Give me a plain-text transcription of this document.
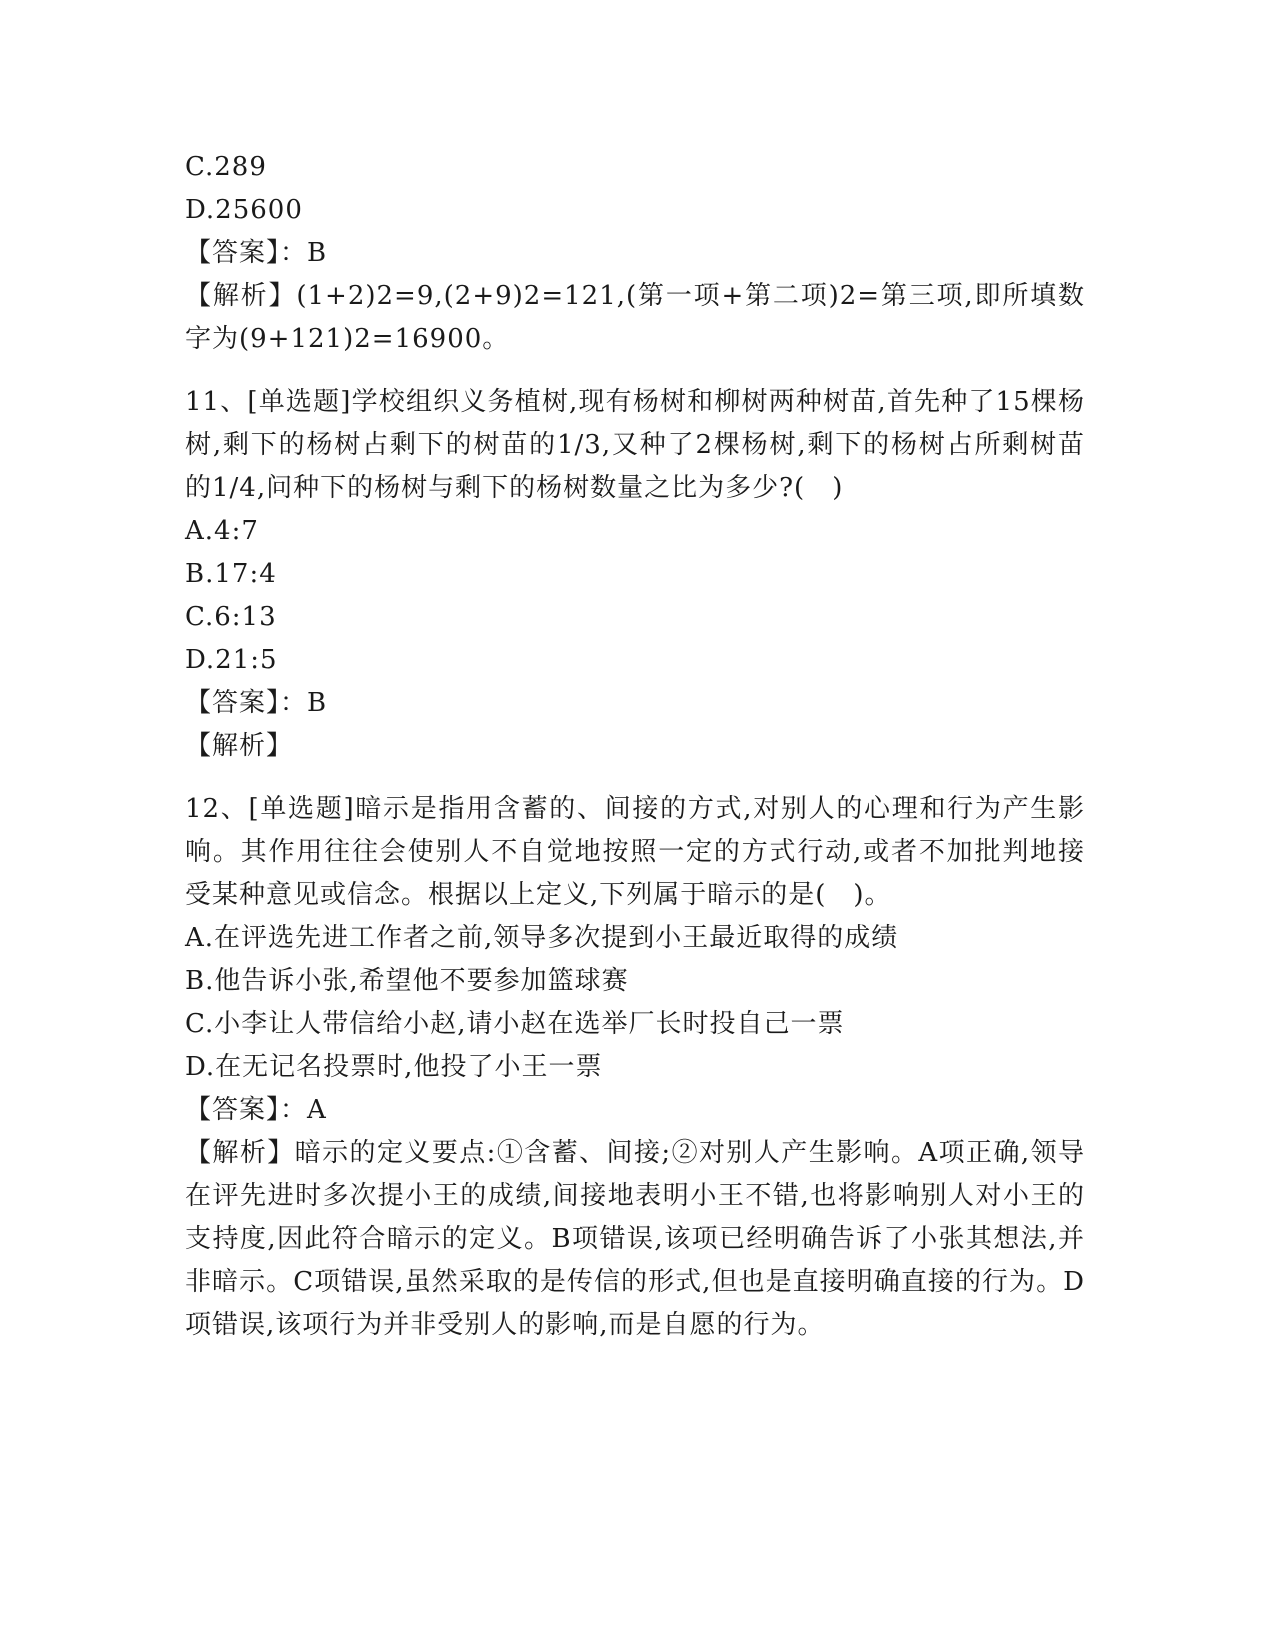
C.289
D.25600
【答案】：B
【解析】(1+2)2=9,(2+9)2=121,(第一项+第二项)2=第三项,即所填数字为(9+121)2=16900。
11、[单选题]学校组织义务植树,现有杨树和柳树两种树苗,首先种了15棵杨树,剩下的杨树占剩下的树苗的1/3,又种了2棵杨树,剩下的杨树占所剩树苗的1/4,问种下的杨树与剩下的杨树数量之比为多少?(　)
A.4:7
B.17:4
C.6:13
D.21:5
【答案】：B
【解析】
12、[单选题]暗示是指用含蓄的、间接的方式,对别人的心理和行为产生影响。其作用往往会使别人不自觉地按照一定的方式行动,或者不加批判地接受某种意见或信念。根据以上定义,下列属于暗示的是(　)。
A.在评选先进工作者之前,领导多次提到小王最近取得的成绩
B.他告诉小张,希望他不要参加篮球赛
C.小李让人带信给小赵,请小赵在选举厂长时投自己一票
D.在无记名投票时,他投了小王一票
【答案】：A
【解析】暗示的定义要点:①含蓄、间接;②对别人产生影响。A项正确,领导在评先进时多次提小王的成绩,间接地表明小王不错,也将影响别人对小王的支持度,因此符合暗示的定义。B项错误,该项已经明确告诉了小张其想法,并非暗示。C项错误,虽然采取的是传信的形式,但也是直接明确直接的行为。D项错误,该项行为并非受别人的影响,而是自愿的行为。
